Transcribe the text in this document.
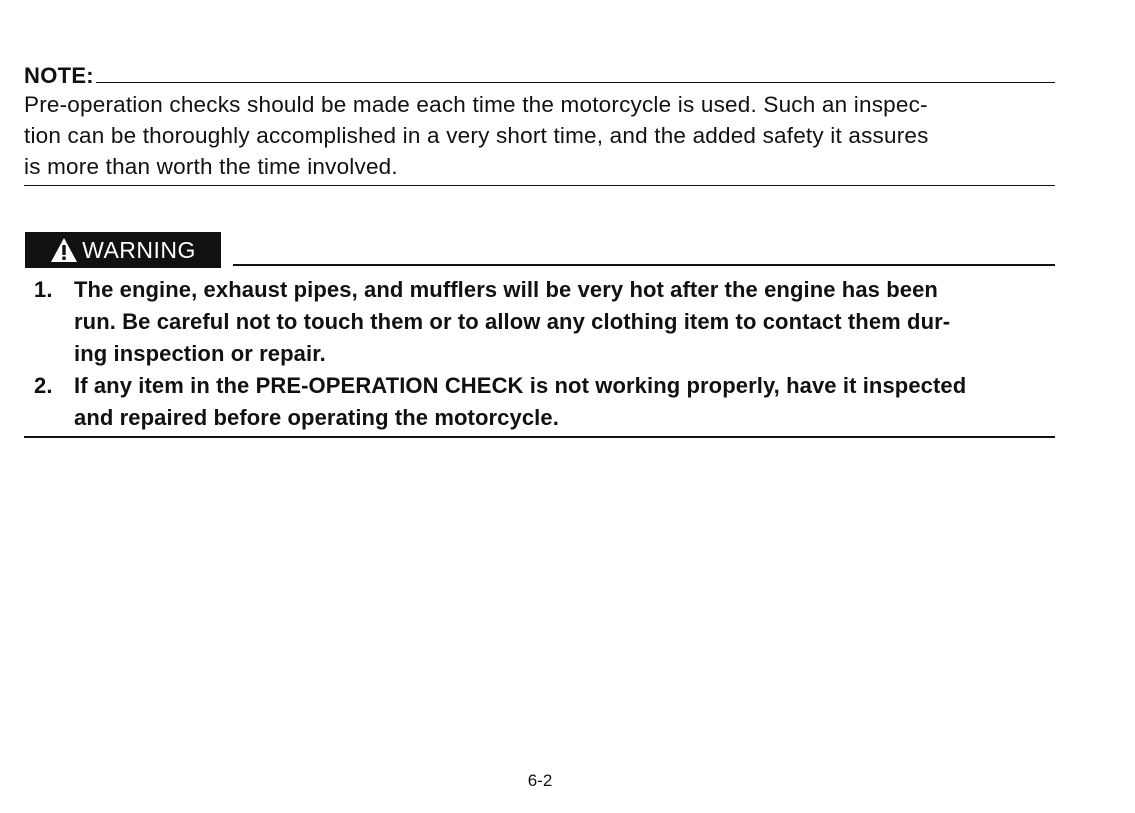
NOTE:

Pre-operation checks should be made each time the motorcycle is used. Such an inspec-
tion can be thoroughly accomplished in a very short time, and the added safety it assures
is more than worth the time involved.

WARNING
1. The engine, exhaust pipes, and mufflers will be very hot after the engine has been
run. Be careful not to touch them or to allow any clothing item to contact them dur-
ing inspection or repair.
2. If any item in the PRE-OPERATION CHECK is not working properly, have it inspected
and repaired before operating the motorcycle.
6-2
